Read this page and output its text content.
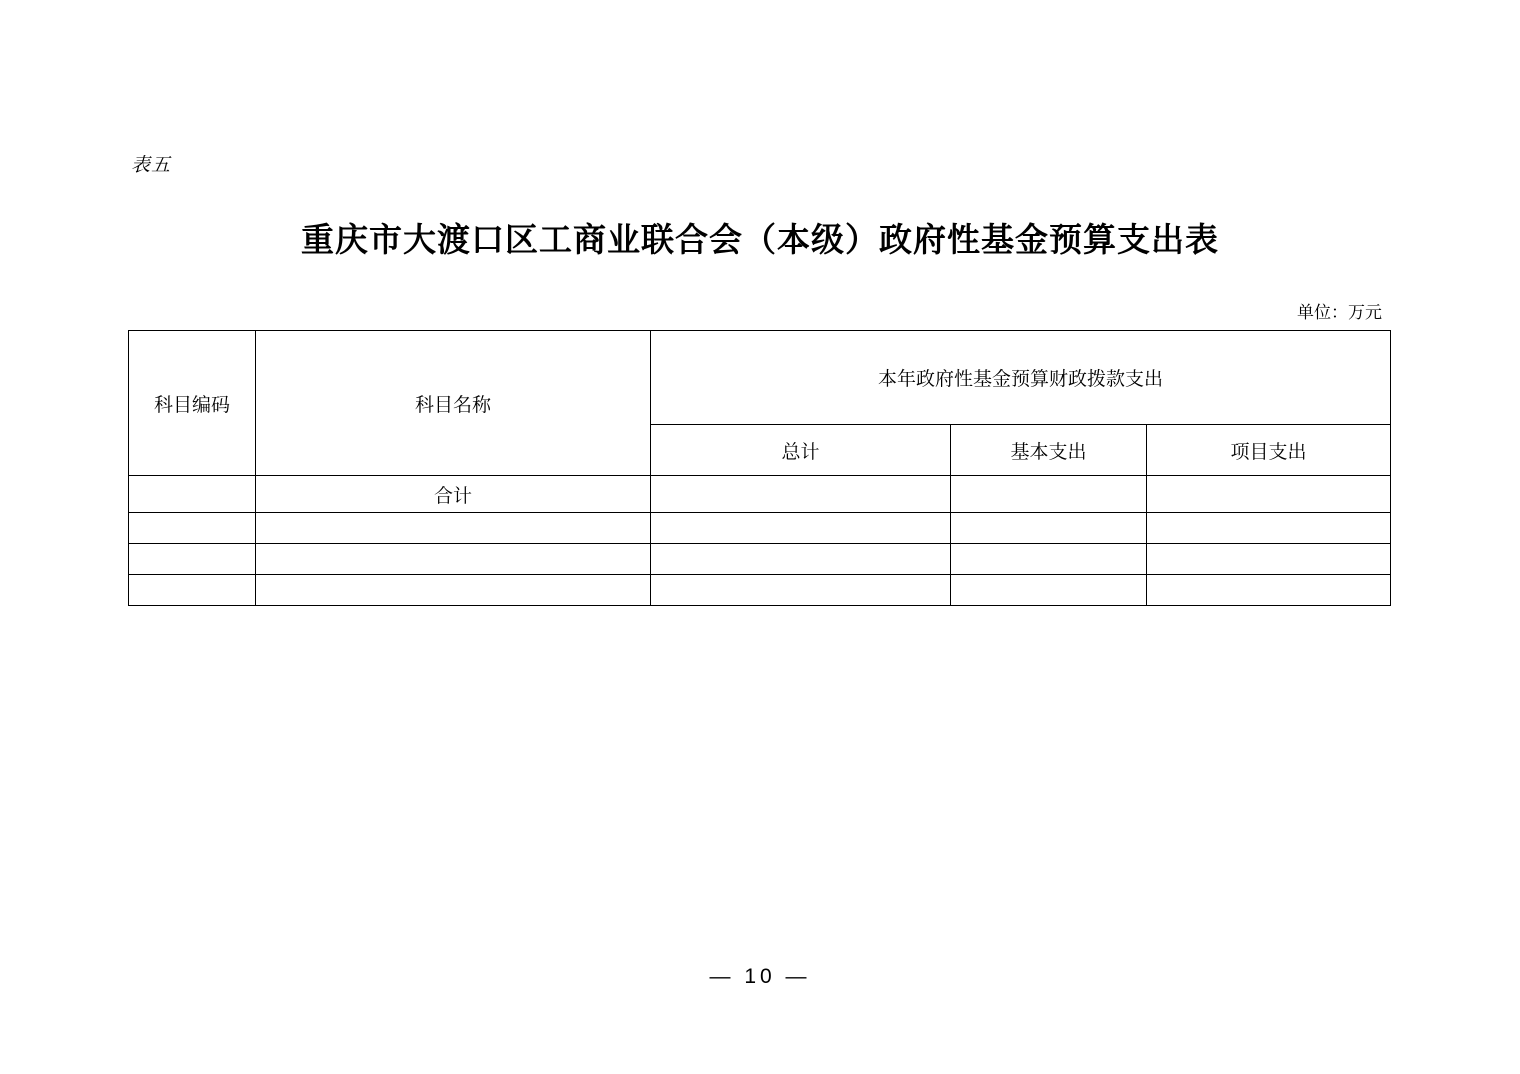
表五
重庆市大渡口区工商业联合会（本级）政府性基金预算支出表
单位：万元
科目编码	科目名称	本年政府性基金预算财政拨款支出		
		总计	基本支出	项目支出
	合计			

— 10 —
